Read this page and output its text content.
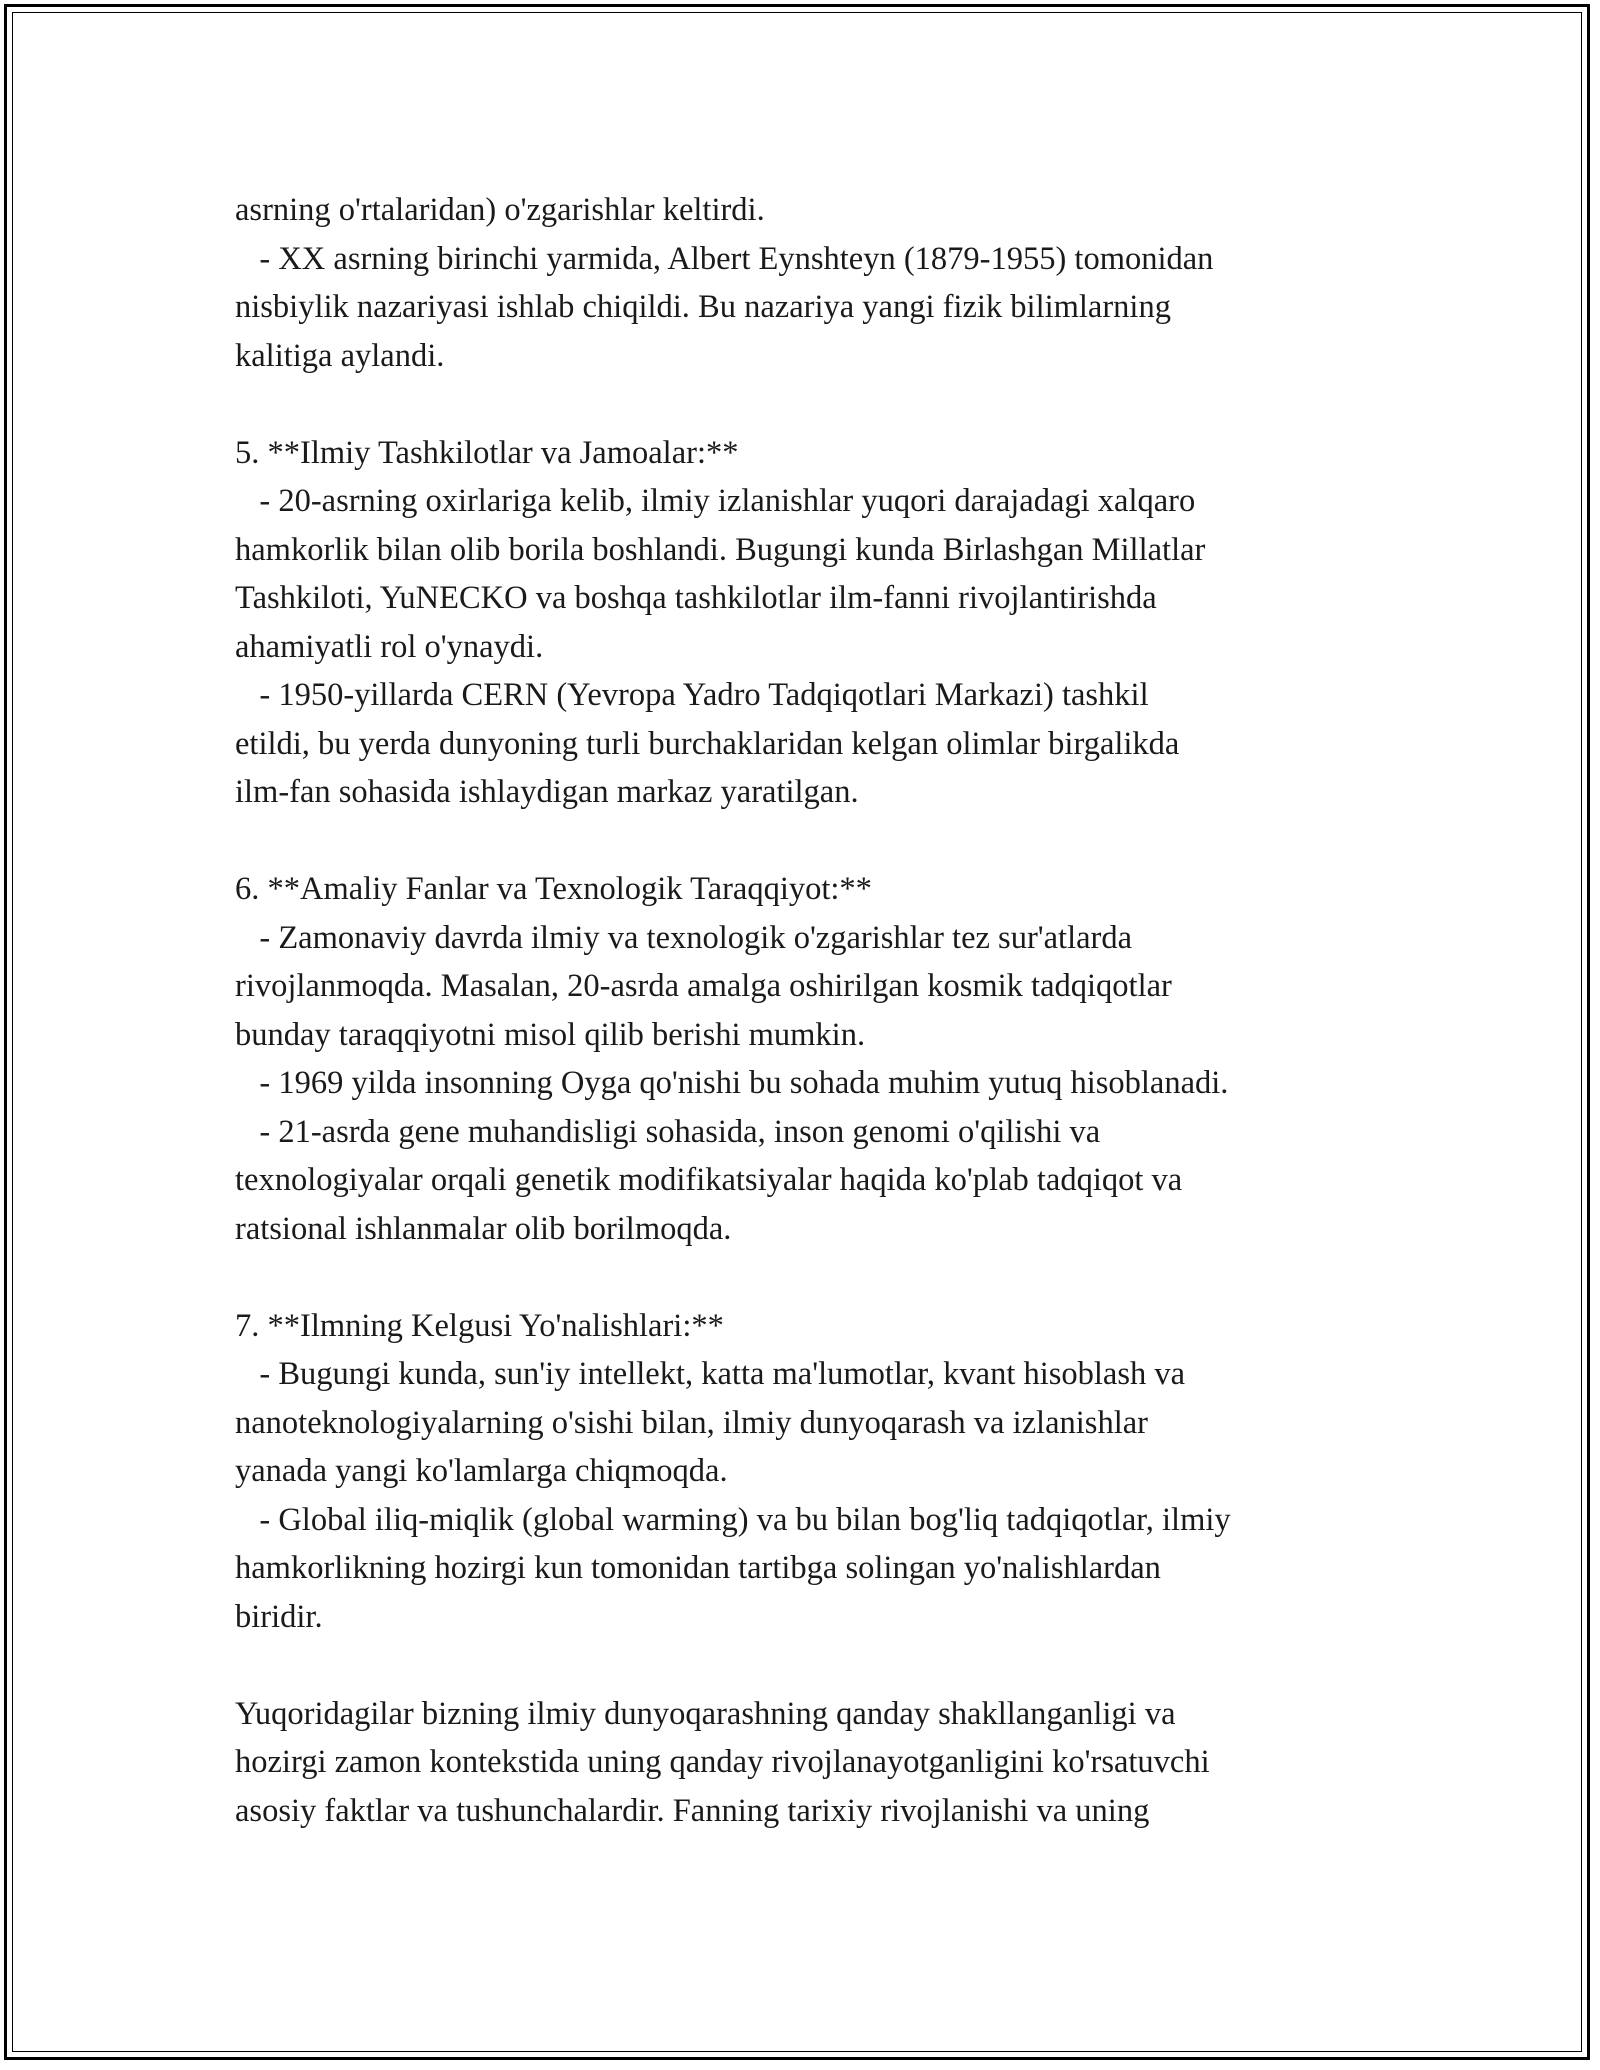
asrning o'rtalaridan) o'zgarishlar keltirdi.
- XX asrning birinchi yarmida, Albert Eynshteyn (1879-1955) tomonidan
nisbiylik nazariyasi ishlab chiqildi. Bu nazariya yangi fizik bilimlarning
kalitiga aylandi.
5. **Ilmiy Tashkilotlar va Jamoalar:**
- 20-asrning oxirlariga kelib, ilmiy izlanishlar yuqori darajadagi xalqaro
hamkorlik bilan olib borila boshlandi. Bugungi kunda Birlashgan Millatlar
Tashkiloti, YuNECKO va boshqa tashkilotlar ilm-fanni rivojlantirishda
ahamiyatli rol o'ynaydi.
- 1950-yillarda CERN (Yevropa Yadro Tadqiqotlari Markazi) tashkil
etildi, bu yerda dunyoning turli burchaklaridan kelgan olimlar birgalikda
ilm-fan sohasida ishlaydigan markaz yaratilgan.
6. **Amaliy Fanlar va Texnologik Taraqqiyot:**
- Zamonaviy davrda ilmiy va texnologik o'zgarishlar tez sur'atlarda
rivojlanmoqda. Masalan, 20-asrda amalga oshirilgan kosmik tadqiqotlar
bunday taraqqiyotni misol qilib berishi mumkin.
- 1969 yilda insonning Oyga qo'nishi bu sohada muhim yutuq hisoblanadi.
- 21-asrda gene muhandisligi sohasida, inson genomi o'qilishi va
texnologiyalar orqali genetik modifikatsiyalar haqida ko'plab tadqiqot va
ratsional ishlanmalar olib borilmoqda.
7. **Ilmning Kelgusi Yo'nalishlari:**
- Bugungi kunda, sun'iy intellekt, katta ma'lumotlar, kvant hisoblash va
nanoteknologiyalarning o'sishi bilan, ilmiy dunyoqarash va izlanishlar
yanada yangi ko'lamlarga chiqmoqda.
- Global iliq-miqlik (global warming) va bu bilan bog'liq tadqiqotlar, ilmiy
hamkorlikning hozirgi kun tomonidan tartibga solingan yo'nalishlardan
biridir.
Yuqoridagilar bizning ilmiy dunyoqarashning qanday shakllanganligi va
hozirgi zamon kontekstida uning qanday rivojlanayotganligini ko'rsatuvchi
asosiy faktlar va tushunchalardir. Fanning tarixiy rivojlanishi va uning
